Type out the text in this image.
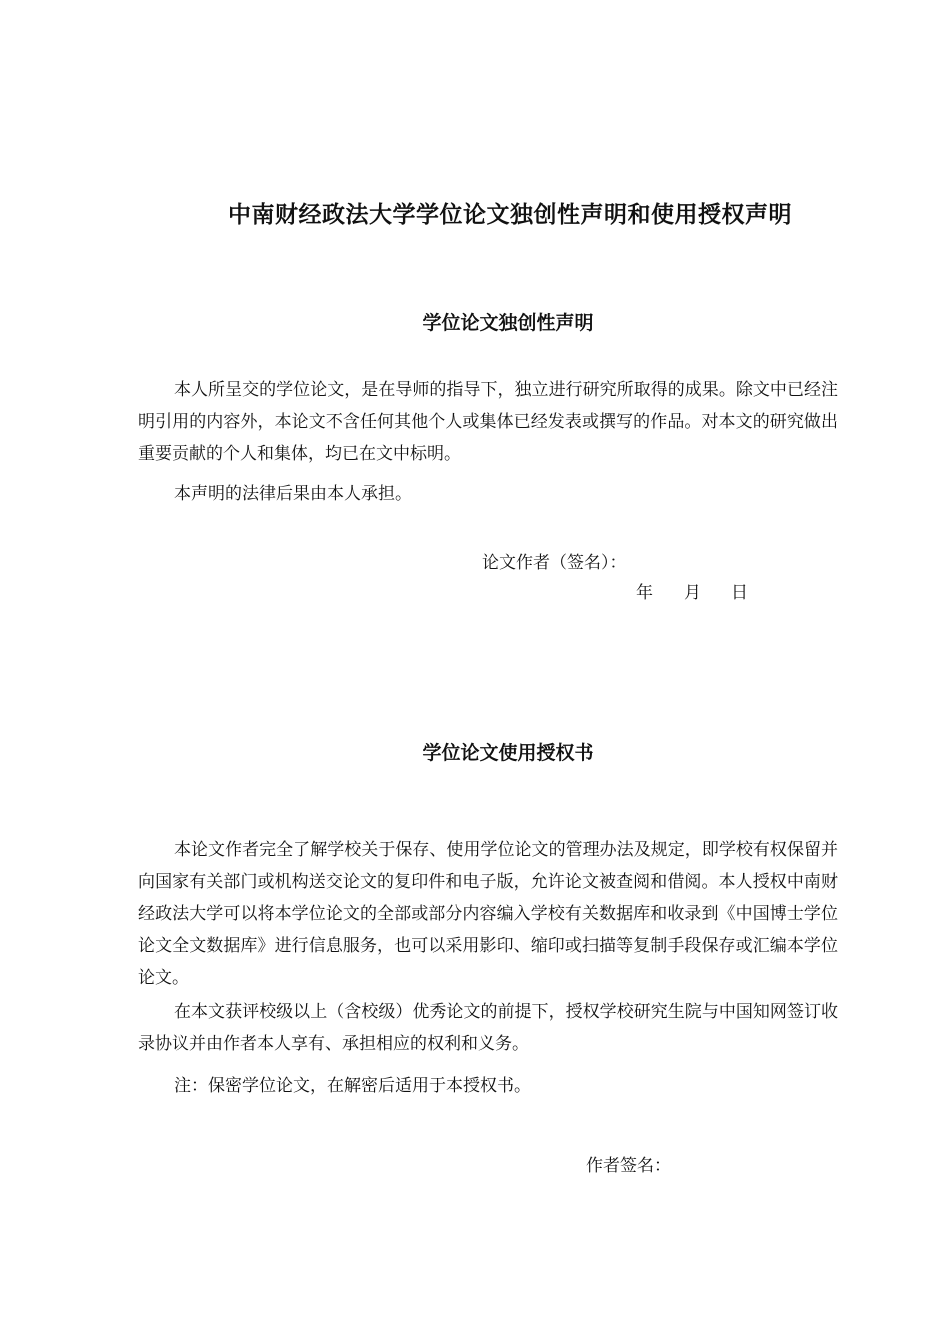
中南财经政法大学学位论文独创性声明和使用授权声明
学位论文独创性声明

本人所呈交的学位论文，是在导师的指导下，独立进行研究所取得的成果。除文中已经注明引用的内容外，本论文不含任何其他个人或集体已经发表或撰写的作品。对本文的研究做出重要贡献的个人和集体，均已在文中标明。

本声明的法律后果由本人承担。

论文作者（签名）：
年 月 日
学位论文使用授权书

本论文作者完全了解学校关于保存、使用学位论文的管理办法及规定，即学校有权保留并向国家有关部门或机构送交论文的复印件和电子版，允许论文被查阅和借阅。本人授权中南财经政法大学可以将本学位论文的全部或部分内容编入学校有关数据库和收录到《中国博士学位论文全文数据库》进行信息服务，也可以采用影印、缩印或扫描等复制手段保存或汇编本学位论文。

在本文获评校级以上（含校级）优秀论文的前提下，授权学校研究生院与中国知网签订收录协议并由作者本人享有、承担相应的权利和义务。

注：保密学位论文，在解密后适用于本授权书。

作者签名：
